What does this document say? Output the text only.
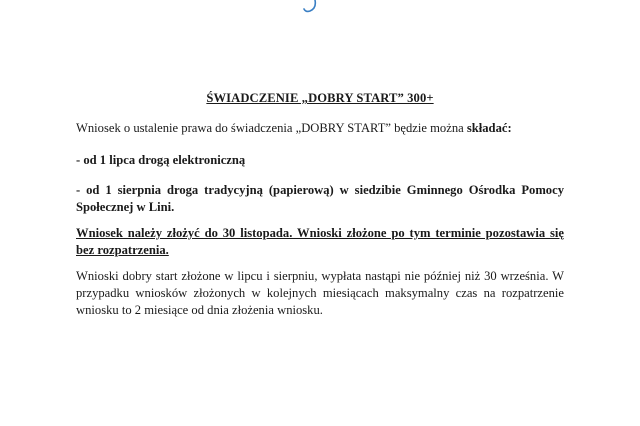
ŚWIADCZENIE „DOBRY START” 300+
Wniosek o ustalenie prawa do świadczenia „DOBRY START” będzie można składać:
- od 1 lipca drogą elektroniczną
- od 1 sierpnia droga tradycyjną (papierową) w siedzibie Gminnego Ośrodka Pomocy Społecznej w Lini.
Wniosek należy złożyć do 30 listopada. Wnioski złożone po tym terminie pozostawia się bez rozpatrzenia.
Wnioski dobry start złożone w lipcu i sierpniu, wypłata nastąpi nie później niż 30 września. W przypadku wniosków złożonych w kolejnych miesiącach maksymalny czas na rozpatrzenie wniosku to 2 miesiące od dnia złożenia wniosku.
